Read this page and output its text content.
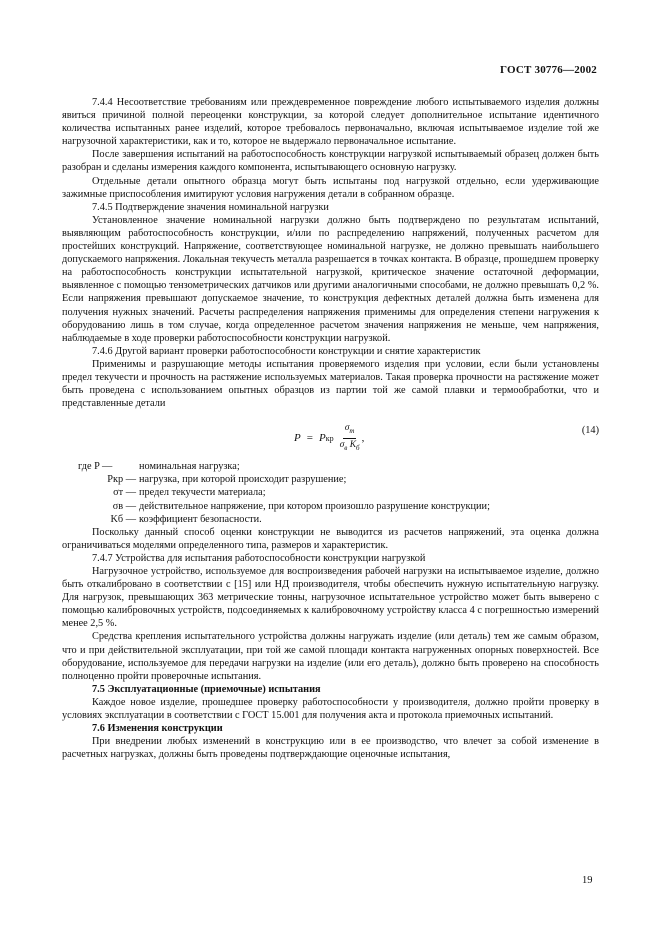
ГОСТ 30776—2002

7.4.4 Несоответствие требованиям или преждевременное повреждение любого испытываемого изделия должны явиться причиной полной переоценки конструкции, за которой следует дополнительное испытание идентичного количества испытанных ранее изделий, которое требовалось первоначально, включая испытываемое изделие той же нагрузочной характеристики, как и то, которое не выдержало первоначальное испытание.

После завершения испытаний на работоспособность конструкции нагрузкой испытываемый образец должен быть разобран и сделаны измерения каждого компонента, испытывающего основную нагрузку.

Отдельные детали опытного образца могут быть испытаны под нагрузкой отдельно, если удерживающие зажимные приспособления имитируют условия нагружения детали в собранном образце.

7.4.5 Подтверждение значения номинальной нагрузки

Установленное значение номинальной нагрузки должно быть подтверждено по результатам испытаний, выявляющим работоспособность конструкции, и/или по распределению напряжений, полученных расчетом для простейших конструкций. Напряжение, соответствующее номинальной нагрузке, не должно превышать наибольшего допускаемого напряжения. Локальная текучесть металла разрешается в точках контакта. В образце, прошедшем проверку на работоспособность конструкции испытательной нагрузкой, критическое значение остаточной деформации, выявленное с помощью тензометрических датчиков или другими аналогичными способами, не должно превышать 0,2 %. Если напряжения превышают допускаемое значение, то конструкция дефектных деталей должна быть изменена для получения нужных значений. Расчеты распределения напряжения применимы для определения степени нагружения к оборудованию лишь в том случае, когда определенное расчетом значения напряжения не меньше, чем напряжения, наблюдаемые в ходе проверки работоспособности конструкции нагрузкой.

7.4.6 Другой вариант проверки работоспособности конструкции и снятие характеристик

Применимы и разрушающие методы испытания проверяемого изделия при условии, если были установлены предел текучести и прочность на растяжение используемых материалов. Такая проверка прочности на растяжение может быть проведена с использованием опытных образцов из партии той же самой плавки и термообработки, что и представленные детали

P = P кр $\frac{\sigma_т}{\sigma_в K_б}$ ,
(14)
где P —	номинальная нагрузка;
Pкр — нагрузка, при которой происходит разрушение;
σт — предел текучести материала;
σв — действительное напряжение, при котором произошло разрушение конструкции;
Kб — коэффициент безопасности.

Поскольку данный способ оценки конструкции не выводится из расчетов напряжений, эта оценка должна ограничиваться моделями определенного типа, размеров и характеристик.

7.4.7 Устройства для испытания работоспособности конструкции нагрузкой

Нагрузочное устройство, используемое для воспроизведения рабочей нагрузки на испытываемое изделие, должно быть откалибровано в соответствии с [15] или НД производителя, чтобы обеспечить нужную испытательную нагрузку. Для нагрузок, превышающих 363 метрические тонны, нагрузочное испытательное устройство может быть выверено с помощью калибровочных устройств, подсоединяемых к калибровочному устройству класса 4 с погрешностью измерений менее 2,5 %.

Средства крепления испытательного устройства должны нагружать изделие (или деталь) тем же самым образом, что и при действительной эксплуатации, при той же самой площади контакта нагруженных опорных поверхностей. Все оборудование, используемое для передачи нагрузки на изделие (или его деталь), должно быть проверено на способность полноценно пройти проверочные испытания.

7.5 Эксплуатационные (приемочные) испытания

Каждое новое изделие, прошедшее проверку работоспособности у производителя, должно пройти проверку в условиях эксплуатации в соответствии с ГОСТ 15.001 для получения акта и протокола приемочных испытаний.

7.6 Изменения конструкции

При внедрении любых изменений в конструкцию или в ее производство, что влечет за собой изменение в расчетных нагрузках, должны быть проведены подтверждающие оценочные испытания,

19
